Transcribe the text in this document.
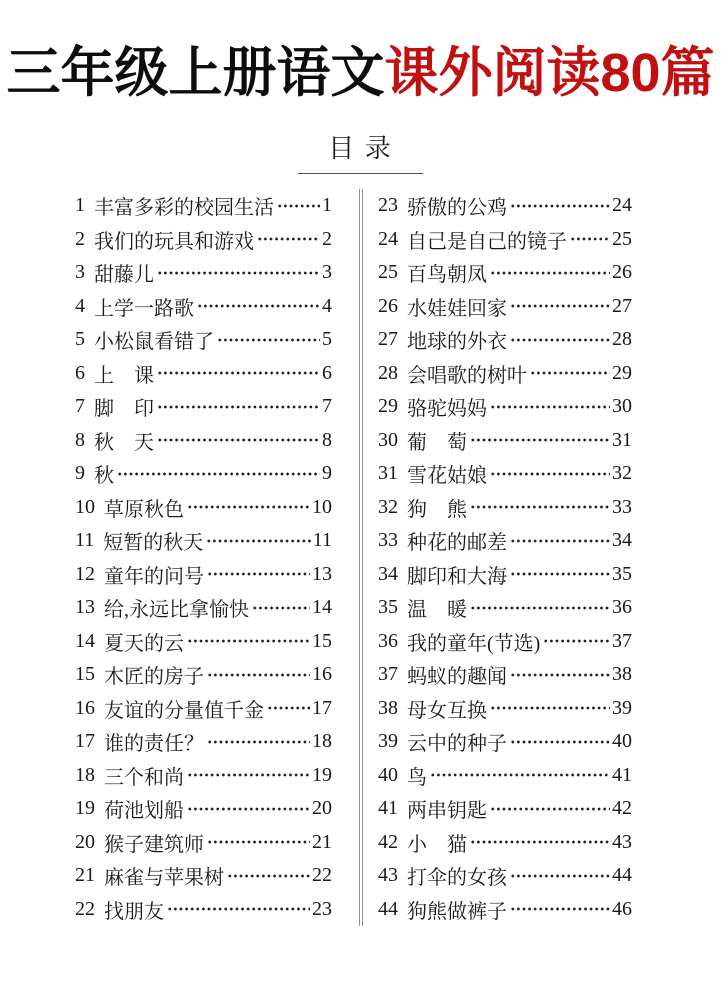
三年级上册语文课外阅读80篇
目 录
1 丰富多彩的校园生活 1
2 我们的玩具和游戏	2
3 甜藤儿	3
4 上学一路歌	4
5 小松鼠看错了	5
6 上　课	6
7 脚　印	7
8 秋　天	8
9 秋	9
10 草原秋色	10
11 短暂的秋天	11
12 童年的问号	13
13 给,永远比拿愉快	14
14 夏天的云	15
15 木匠的房子	16
16 友谊的分量值千金 17
17 谁的责任？	18
18 三个和尚	19
19 荷池划船	20
20 猴子建筑师	21
21 麻雀与苹果树	22
22 找朋友	23
23 骄傲的公鸡	24
24 自己是自己的镜子 25
25 百鸟朝凤	26
26 水娃娃回家	27
27 地球的外衣	28
28 会唱歌的树叶	29
29 骆驼妈妈	30
30 葡　萄	31
31 雪花姑娘	32
32 狗　熊	33
33 种花的邮差	34
34 脚印和大海	35
35 温　暖	36
36 我的童年(节选)	37
37 蚂蚁的趣闻	38
38 母女互换	39
39 云中的种子	40
40 鸟	41
41 两串钥匙	42
42 小　猫	43
43 打伞的女孩	44
44 狗熊做裤子	46
